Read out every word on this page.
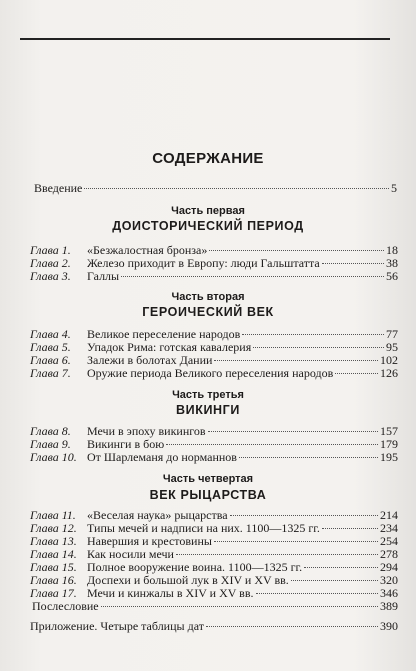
СОДЕРЖАНИЕ
Введение	5
Часть первая
ДОИСТОРИЧЕСКИЙ ПЕРИОД
Глава 1.	«Безжалостная бронза»	18
Глава 2.	Железо приходит в Европу: люди Гальштатта	38
Глава 3.	Галлы	56
Часть вторая
ГЕРОИЧЕСКИЙ ВЕК
Глава 4.	Великое переселение народов	77
Глава 5.	Упадок Рима: готская кавалерия	95
Глава 6.	Залежи в болотах Дании	102
Глава 7.	Оружие периода Великого переселения народов	126
Часть третья
ВИКИНГИ
Глава 8.	Мечи в эпоху викингов	157
Глава 9.	Викинги в бою	179
Глава 10. От Шарлеманя до норманнов	195
Часть четвертая
ВЕК РЫЦАРСТВА
Глава 11. «Веселая наука» рыцарства	214
Глава 12. Типы мечей и надписи на них. 1100—1325 гг.	234
Глава 13. Навершия и крестовины	254
Глава 14. Как носили мечи	278
Глава 15. Полное вооружение воина. 1100—1325 гг.	294
Глава 16. Доспехи и большой лук в XIV и XV вв.	320
Глава 17. Мечи и кинжалы в XIV и XV вв.	346
Послесловие	389
Приложение. Четыре таблицы дат	390
